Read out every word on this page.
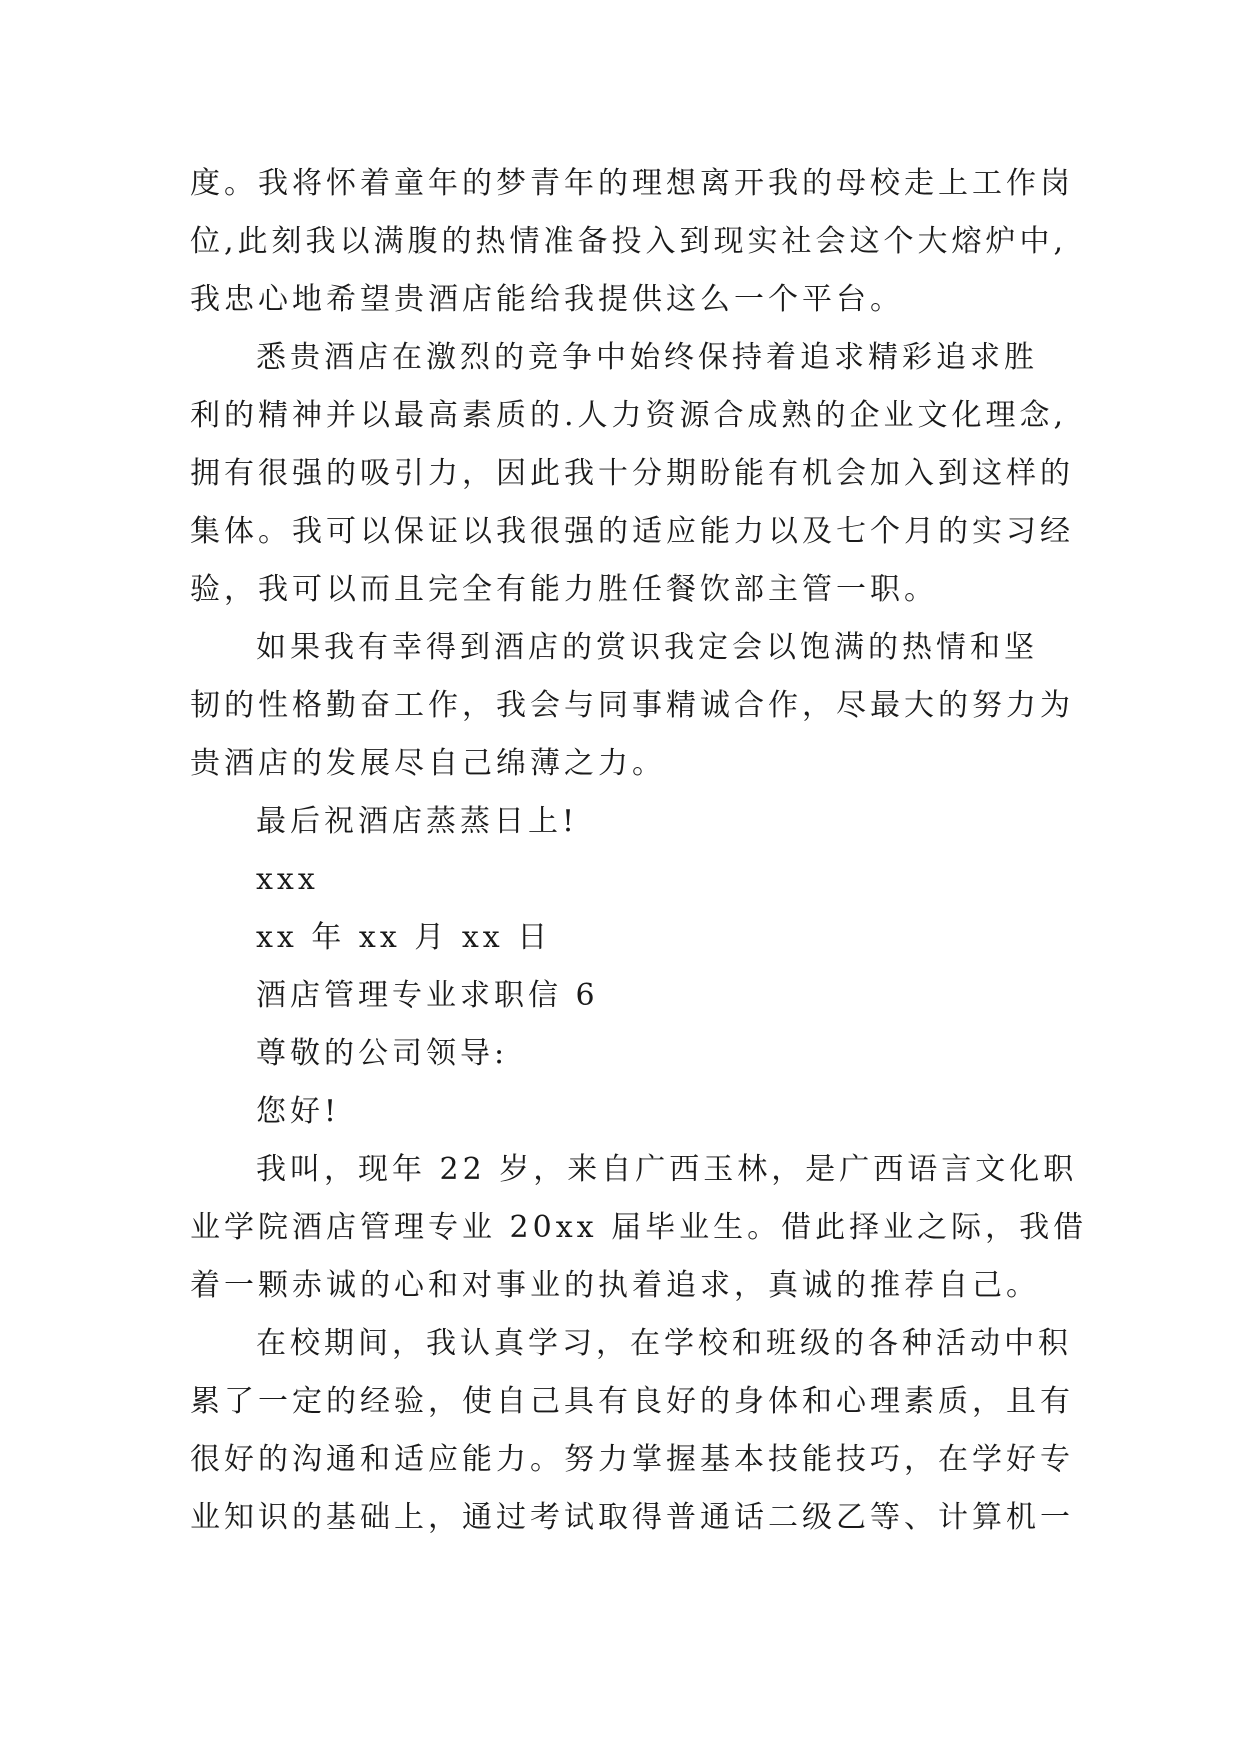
度。我将怀着童年的梦青年的理想离开我的母校走上工作岗
位,此刻我以满腹的热情准备投入到现实社会这个大熔炉中,
我忠心地希望贵酒店能给我提供这么一个平台。
悉贵酒店在激烈的竞争中始终保持着追求精彩追求胜
利的精神并以最高素质的.人力资源合成熟的企业文化理念,
拥有很强的吸引力，因此我十分期盼能有机会加入到这样的
集体。我可以保证以我很强的适应能力以及七个月的实习经
验，我可以而且完全有能力胜任餐饮部主管一职。
如果我有幸得到酒店的赏识我定会以饱满的热情和坚
韧的性格勤奋工作，我会与同事精诚合作，尽最大的努力为
贵酒店的发展尽自己绵薄之力。
最后祝酒店蒸蒸日上!
xxx
xx 年 xx 月 xx 日
酒店管理专业求职信 6
尊敬的公司领导:
您好!
我叫，现年 22 岁，来自广西玉林，是广西语言文化职
业学院酒店管理专业 20xx 届毕业生。借此择业之际，我借
着一颗赤诚的心和对事业的执着追求，真诚的推荐自己。
在校期间，我认真学习，在学校和班级的各种活动中积
累了一定的经验，使自己具有良好的身体和心理素质，且有
很好的沟通和适应能力。努力掌握基本技能技巧，在学好专
业知识的基础上，通过考试取得普通话二级乙等、计算机一
